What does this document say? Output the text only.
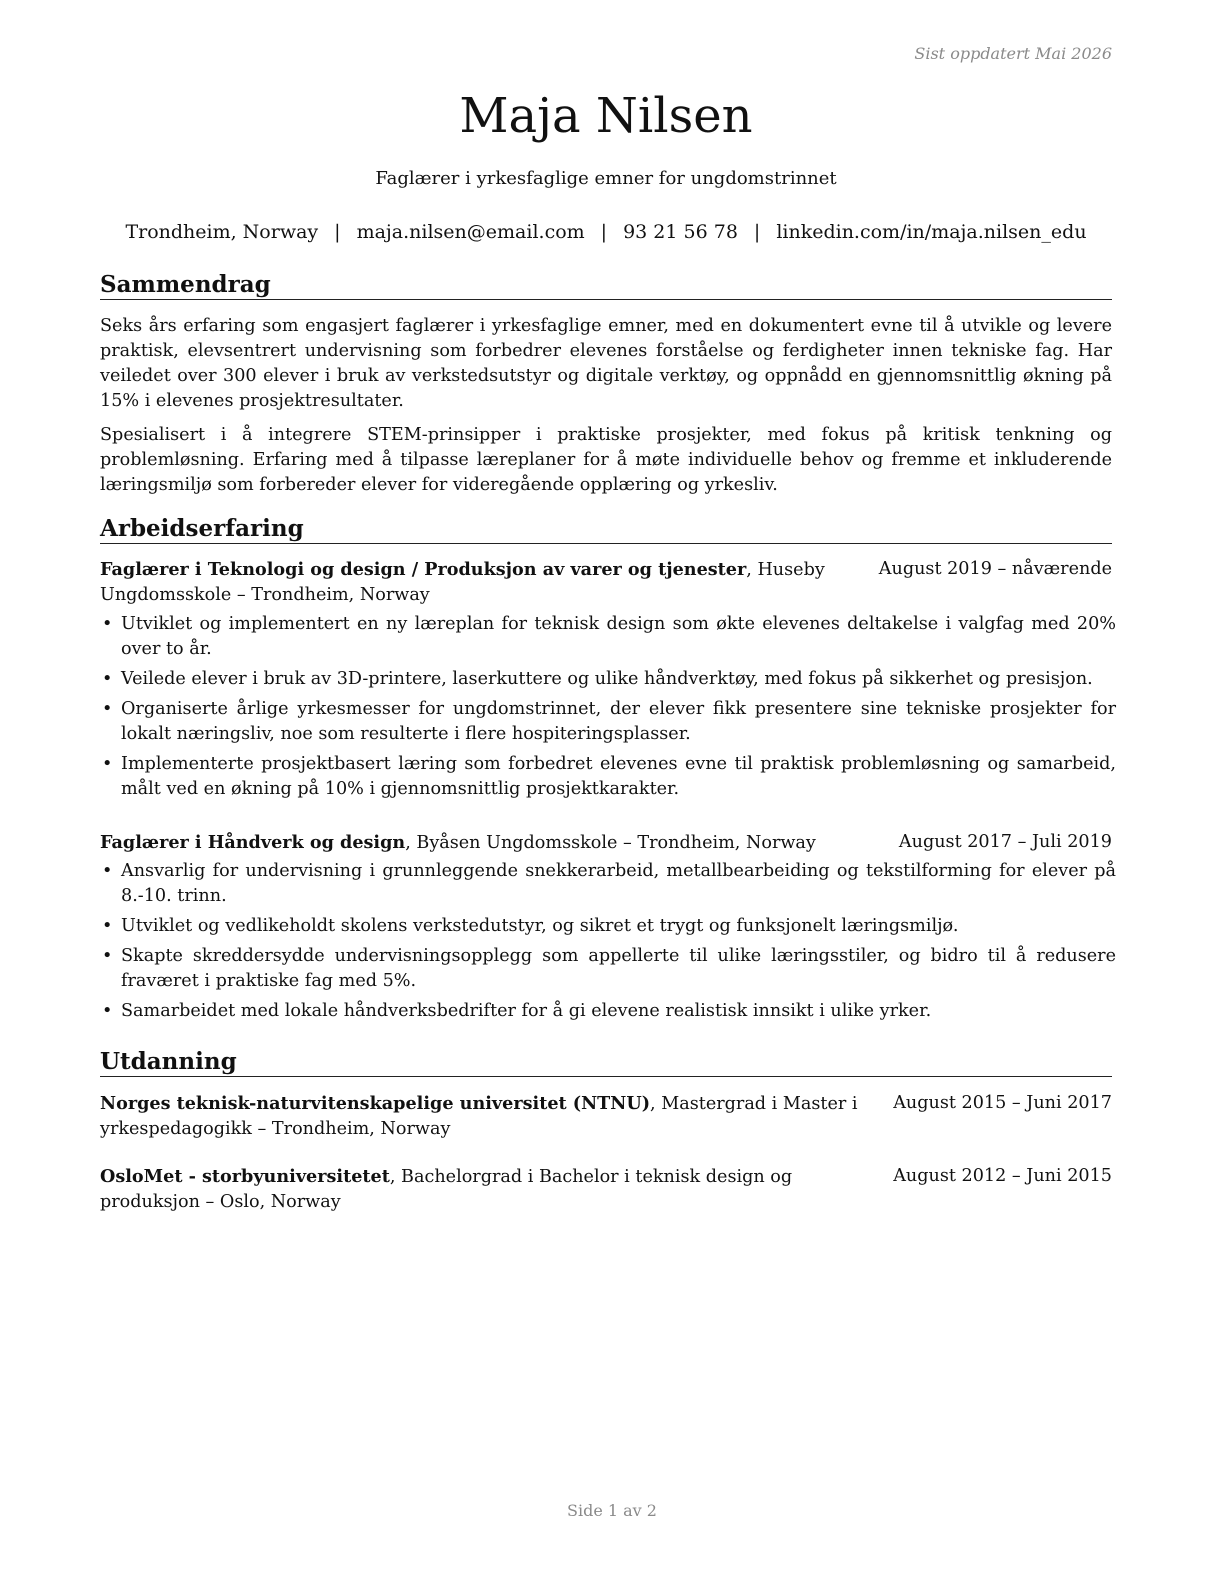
Sist oppdatert Mai 2026
Maja Nilsen
Faglærer i yrkesfaglige emner for ungdomstrinnet
Trondheim, Norway | maja.nilsen@email.com | 93 21 56 78 | linkedin.com/in/maja.nilsen_edu
Sammendrag
Seks års erfaring som engasjert faglærer i yrkesfaglige emner, med en dokumentert evne til å utvikle og levere praktisk, elevsentrert undervisning som forbedrer elevenes forståelse og ferdigheter innen tekniske fag. Har veiledet over 300 elever i bruk av verkstedsutstyr og digitale verktøy, og oppnådd en gjennomsnittlig økning på 15% i elevenes prosjektresultater.
Spesialisert i å integrere STEM-prinsipper i praktiske prosjekter, med fokus på kritisk tenkning og problemløsning. Erfaring med å tilpasse læreplaner for å møte individuelle behov og fremme et inkluderende læringsmiljø som forbereder elever for videregående opplæring og yrkesliv.
Arbeidserfaring
Faglærer i Teknologi og design / Produksjon av varer og tjenester, Huseby Ungdomsskole – Trondheim, Norway
August 2019 – nåværende
• Utviklet og implementert en ny læreplan for teknisk design som økte elevenes deltakelse i valgfag med 20% over to år.
• Veilede elever i bruk av 3D-printere, laserkuttere og ulike håndverktøy, med fokus på sikkerhet og presisjon.
• Organiserte årlige yrkesmesser for ungdomstrinnet, der elever fikk presentere sine tekniske prosjekter for lokalt næringsliv, noe som resulterte i flere hospiteringsplasser.
• Implementerte prosjektbasert læring som forbedret elevenes evne til praktisk problemløsning og samarbeid, målt ved en økning på 10% i gjennomsnittlig prosjektkarakter.
Faglærer i Håndverk og design, Byåsen Ungdomsskole – Trondheim, Norway	August 2017 – Juli 2019
• Ansvarlig for undervisning i grunnleggende snekkerarbeid, metallbearbeiding og tekstilforming for elever på 8.-10. trinn.
• Utviklet og vedlikeholdt skolens verkstedutstyr, og sikret et trygt og funksjonelt læringsmiljø.
• Skapte skreddersydde undervisningsopplegg som appellerte til ulike læringsstiler, og bidro til å redusere fraværet i praktiske fag med 5%.
• Samarbeidet med lokale håndverksbedrifter for å gi elevene realistisk innsikt i ulike yrker.
Utdanning
Norges teknisk-naturvitenskapelige universitet (NTNU), Mastergrad i Master i yrkespedagogikk – Trondheim, Norway
August 2015 – Juni 2017
OsloMet - storbyuniversitetet, Bachelorgrad i Bachelor i teknisk design og produksjon – Oslo, Norway
August 2012 – Juni 2015
Side 1 av 2
